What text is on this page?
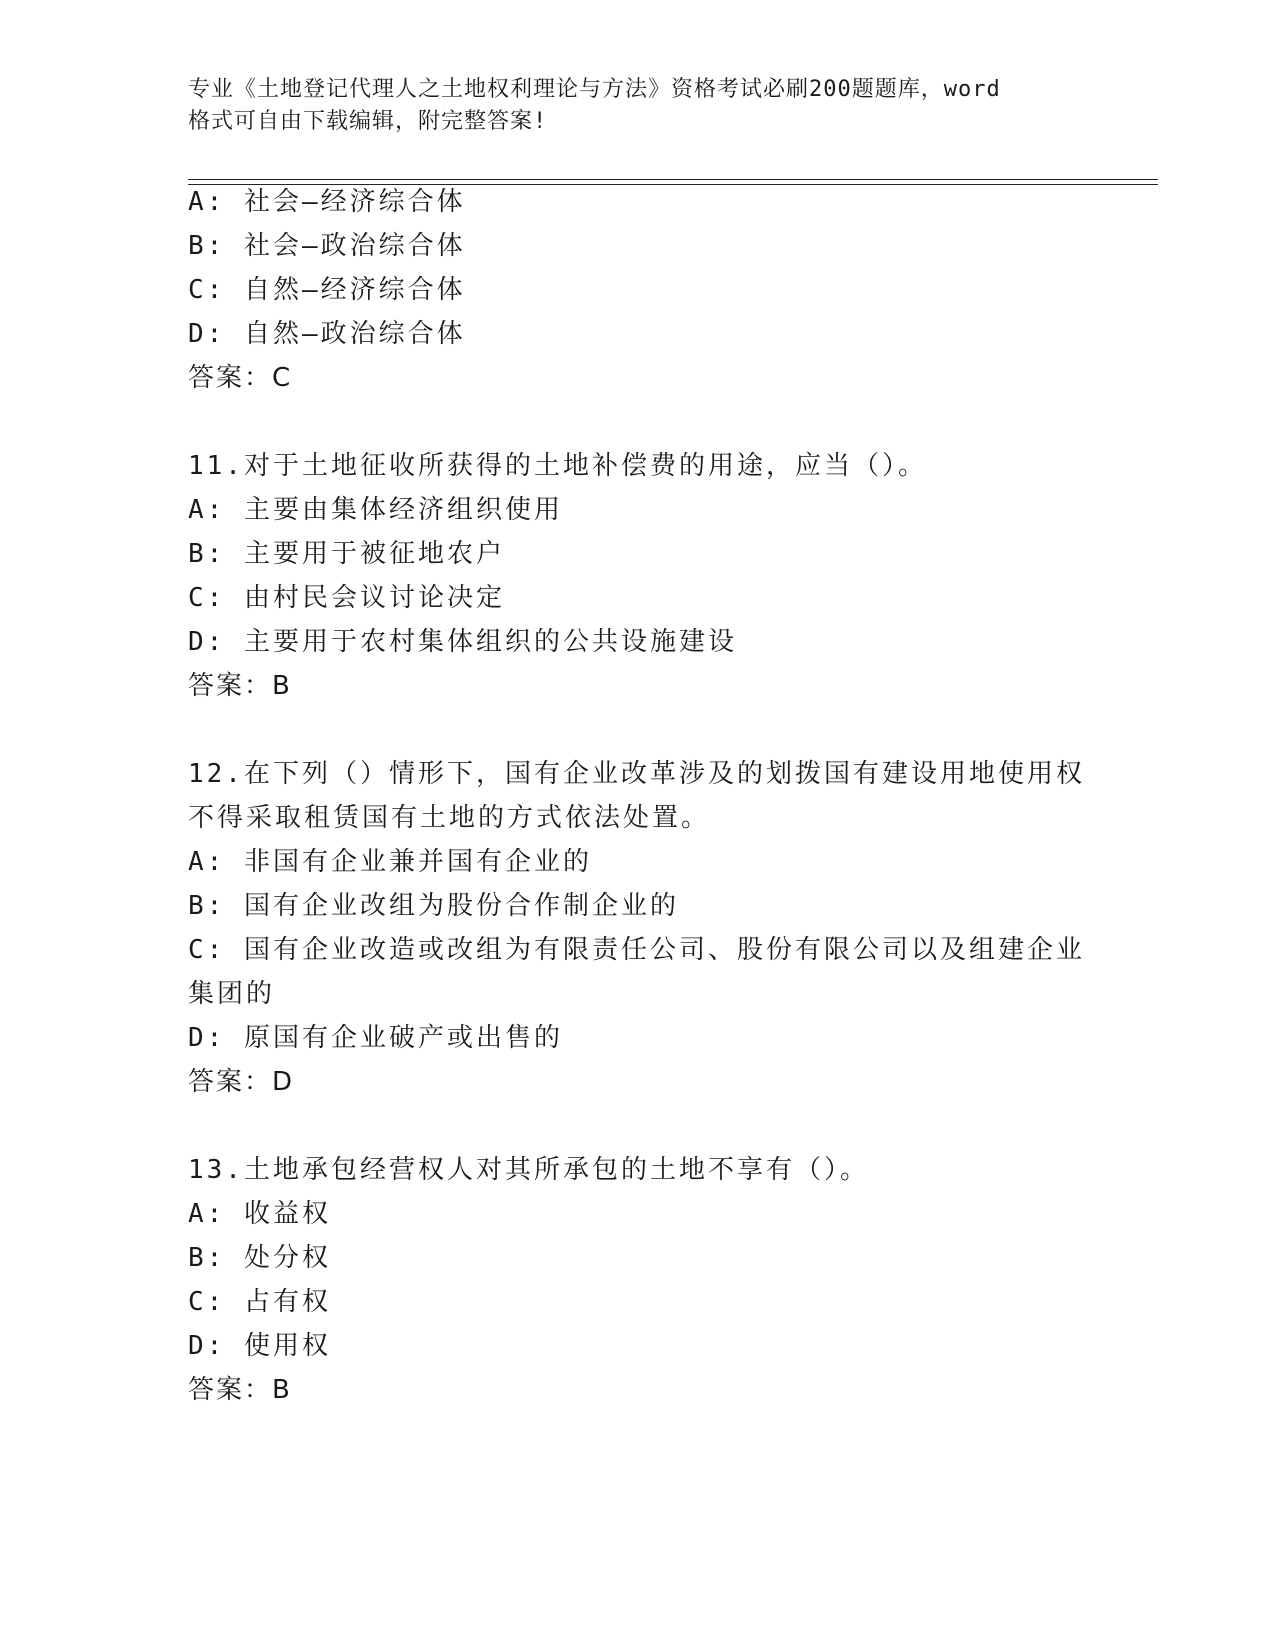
专业《土地登记代理人之土地权利理论与方法》资格考试必刷200题题库，word
格式可自由下载编辑，附完整答案!
A: 社会—经济综合体
B: 社会—政治综合体
C: 自然—经济综合体
D: 自然—政治综合体
答案：C
11.对于土地征收所获得的土地补偿费的用途，应当（）。
A: 主要由集体经济组织使用
B: 主要用于被征地农户
C: 由村民会议讨论决定
D: 主要用于农村集体组织的公共设施建设
答案：B
12.在下列（）情形下，国有企业改革涉及的划拨国有建设用地使用权
不得采取租赁国有土地的方式依法处置。
A: 非国有企业兼并国有企业的
B: 国有企业改组为股份合作制企业的
C: 国有企业改造或改组为有限责任公司、股份有限公司以及组建企业
集团的
D: 原国有企业破产或出售的
答案：D
13.土地承包经营权人对其所承包的土地不享有（）。
A: 收益权
B: 处分权
C: 占有权
D: 使用权
答案：B
